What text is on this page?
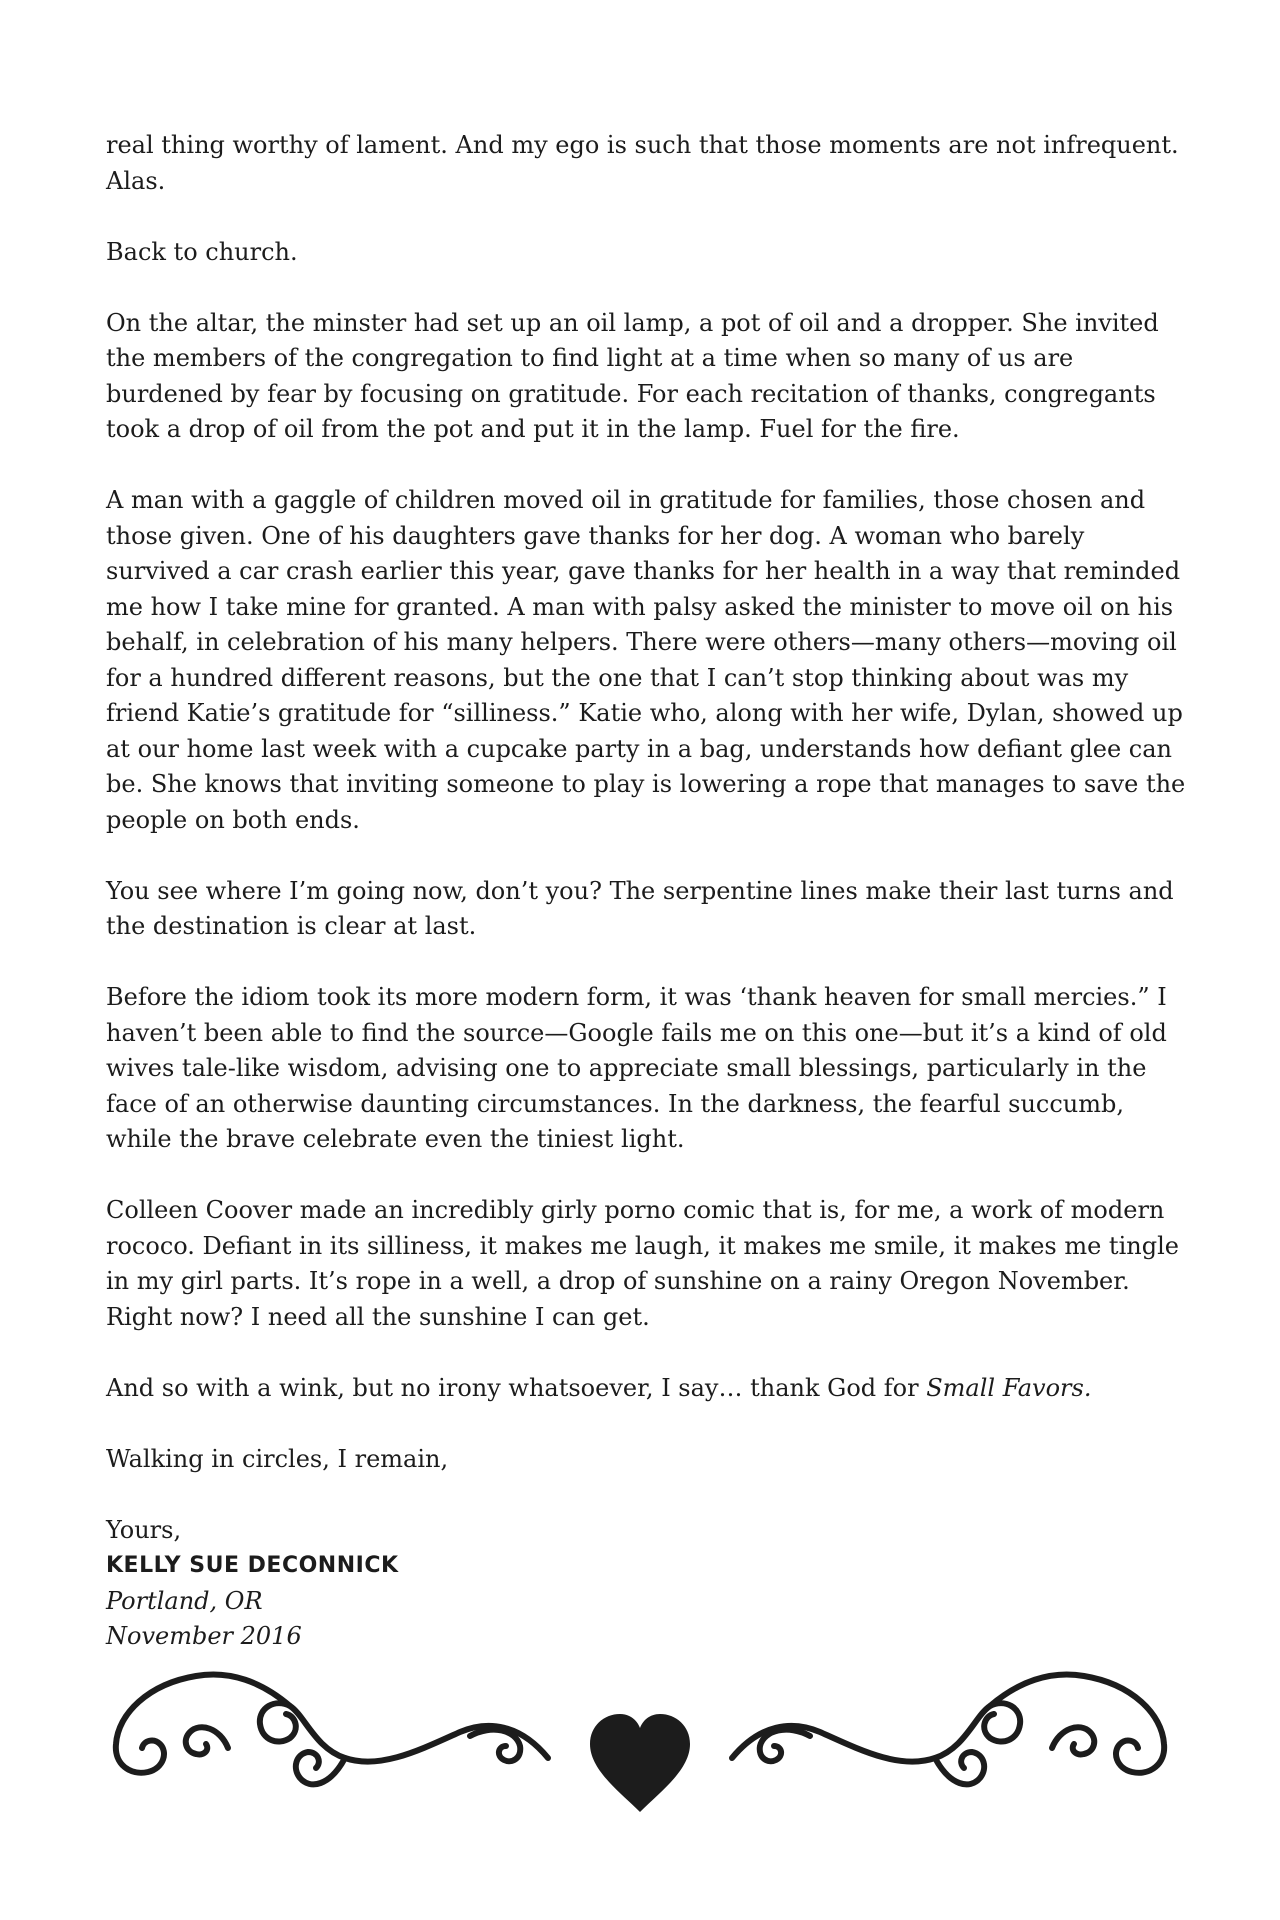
real thing worthy of lament. And my ego is such that those moments are not infrequent. Alas.

Back to church.

On the altar, the minster had set up an oil lamp, a pot of oil and a dropper. She invited the members of the congregation to find light at a time when so many of us are burdened by fear by focusing on gratitude. For each recitation of thanks, congregants took a drop of oil from the pot and put it in the lamp. Fuel for the fire.

A man with a gaggle of children moved oil in gratitude for families, those chosen and those given. One of his daughters gave thanks for her dog. A woman who barely survived a car crash earlier this year, gave thanks for her health in a way that reminded me how I take mine for granted. A man with palsy asked the minister to move oil on his behalf, in celebration of his many helpers. There were others—many others—moving oil for a hundred different reasons, but the one that I can’t stop thinking about was my friend Katie’s gratitude for “silliness.” Katie who, along with her wife, Dylan, showed up at our home last week with a cupcake party in a bag, understands how defiant glee can be. She knows that inviting someone to play is lowering a rope that manages to save the people on both ends.

You see where I’m going now, don’t you? The serpentine lines make their last turns and the destination is clear at last.

Before the idiom took its more modern form, it was ‘thank heaven for small mercies.” I haven’t been able to find the source—Google fails me on this one—but it’s a kind of old wives tale-like wisdom, advising one to appreciate small blessings, particularly in the face of an otherwise daunting circumstances. In the darkness, the fearful succumb, while the brave celebrate even the tiniest light.

Colleen Coover made an incredibly girly porno comic that is, for me, a work of modern rococo. Defiant in its silliness, it makes me laugh, it makes me smile, it makes me tingle in my girl parts. It’s rope in a well, a drop of sunshine on a rainy Oregon November. Right now? I need all the sunshine I can get.

And so with a wink, but no irony whatsoever, I say… thank God for Small Favors.

Walking in circles, I remain,

Yours,

KELLY SUE DECONNICK

Portland, OR

November 2016
